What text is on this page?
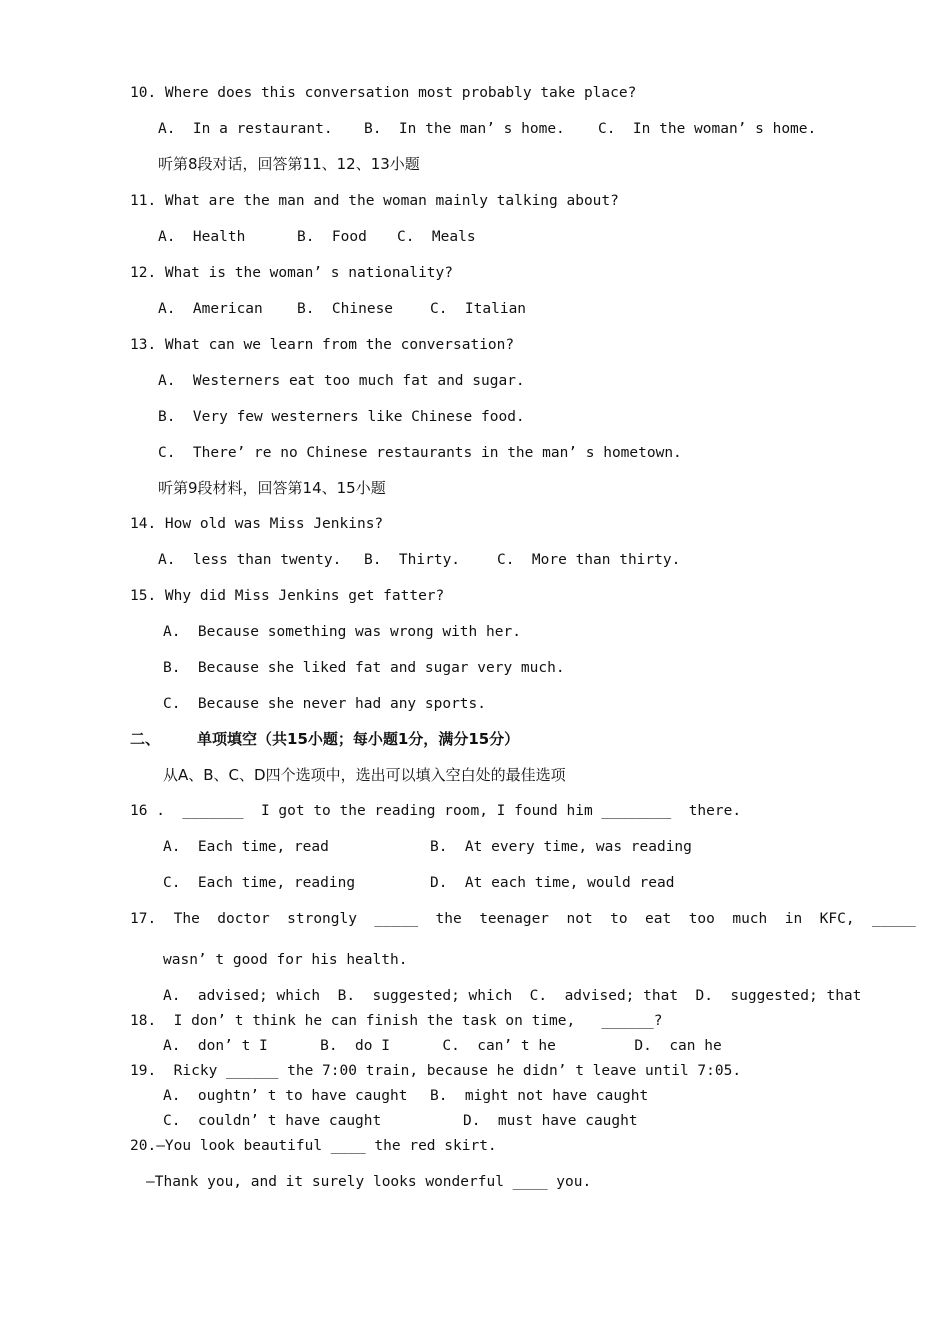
10. Where does this conversation most probably take place?
A.  In a restaurant. B.  In the man’ s home. C.  In the woman’ s home.
听第8段对话，回答第11、12、13小题
11. What are the man and the woman mainly talking about?
A.  Health	B.  Food C.  Meals
12. What is the woman’ s nationality?
A.  American B.  Chinese	C.  Italian
13. What can we learn from the conversation?
A.  Westerners eat too much fat and sugar.
B.  Very few westerners like Chinese food.
C.  There’ re no Chinese restaurants in the man’ s hometown.
听第9段材料，回答第14、15小题
14. How old was Miss Jenkins?
A.  less than twenty. B.  Thirty.	C.  More than thirty.
15. Why did Miss Jenkins get fatter?
A.  Because something was wrong with her.
B.  Because she liked fat and sugar very much.
C.  Because she never had any sports.
二、 单项填空（共15小题；每小题1分，满分15分）
从A、B、C、D四个选项中，选出可以填入空白处的最佳选项
16 .  _______  I got to the reading room, I found him ________  there.
A.  Each time, read	B.  At every time, was reading
C.  Each time, reading	D.  At each time, would read
17.  The  doctor  strongly  _____  the  teenager  not  to  eat  too  much  in  KFC,  _____
wasn’ t good for his health.
A.  advised; which  B.  suggested; which  C.  advised; that  D.  suggested; that
18.  I don’ t think he can finish the task on time,   ______?
A.  don’ t I      B.  do I      C.  can’ t he         D.  can he
19.  Ricky ______ the 7:00 train, because he didn’ t leave until 7:05.
A.  oughtn’ t to have caught B.  might not have caught
C.  couldn’ t have caught	D.  must have caught
20.—You look beautiful ____ the red skirt.
—Thank you, and it surely looks wonderful ____ you.
